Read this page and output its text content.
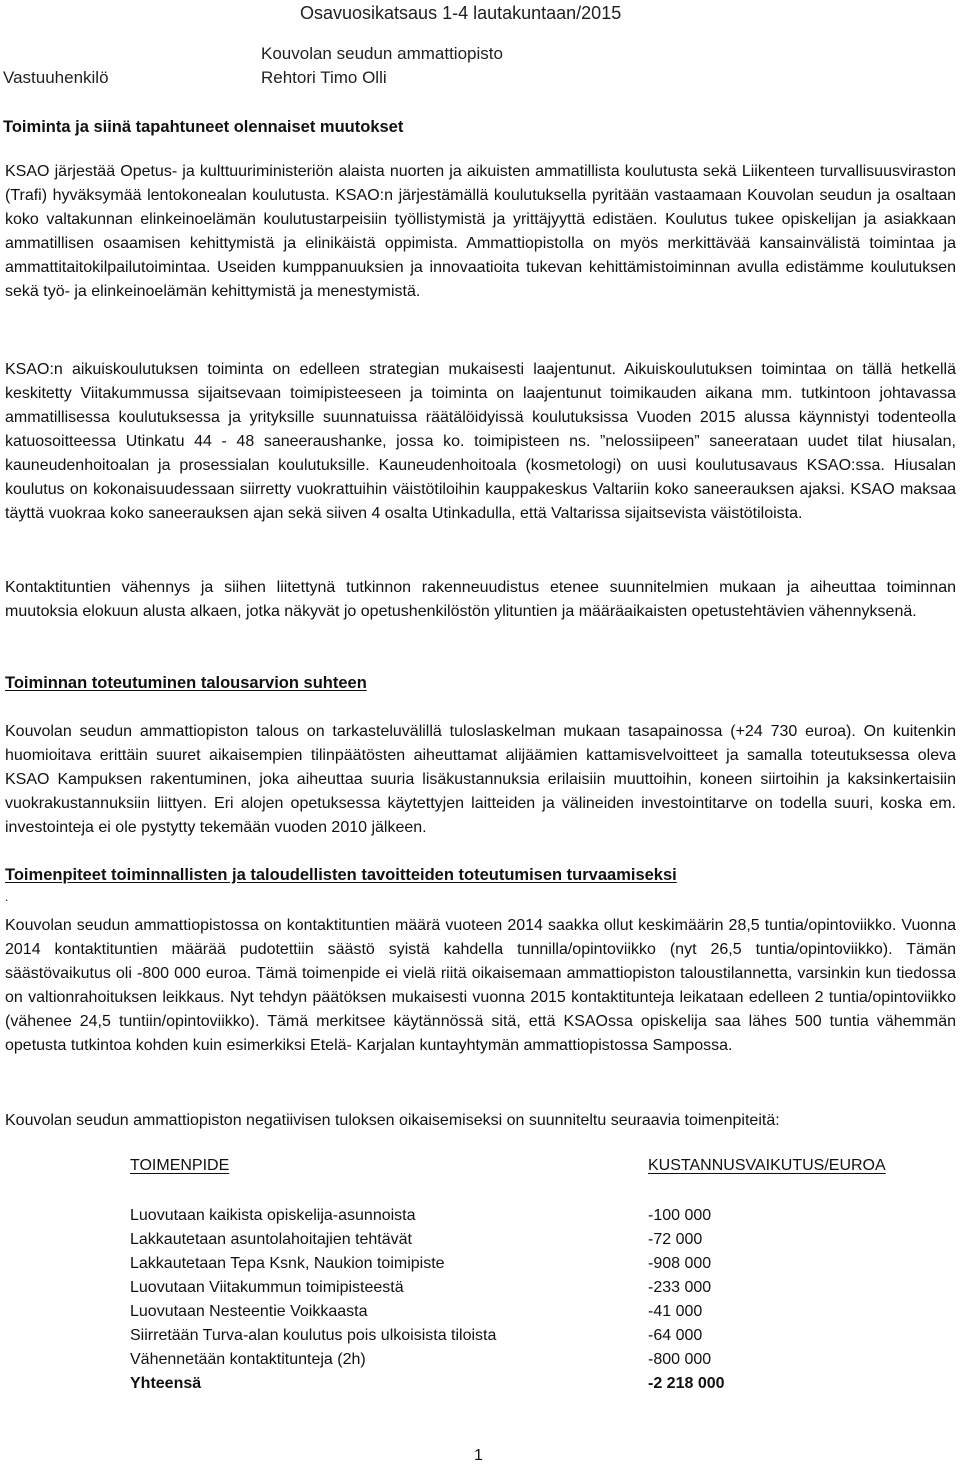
Osavuosikatsaus 1-4 lautakuntaan/2015
Kouvolan seudun ammattiopisto
Vastuuhenkilö	Rehtori Timo Olli
Toiminta ja siinä tapahtuneet olennaiset muutokset
KSAO järjestää Opetus- ja kulttuuriministeriön alaista nuorten ja aikuisten ammatillista koulutusta sekä Liikenteen turvallisuusviraston (Trafi) hyväksymää lentokonealan koulutusta. KSAO:n järjestämällä koulutuksella pyritään vastaamaan Kouvolan seudun ja osaltaan koko valtakunnan elinkeinoelämän koulutustarpeisiin työllistymistä ja yrittäjyyttä edistäen. Koulutus tukee opiskelijan ja asiakkaan ammatillisen osaamisen kehittymistä ja elinikäistä oppimista. Ammattiopistolla on myös merkittävää kansainvälistä toimintaa ja ammattitaitokilpailutoimintaa. Useiden kumppanuuksien ja innovaatioita tukevan kehittämistoiminnan avulla edistämme koulutuksen sekä työ- ja elinkeinoelämän kehittymistä ja menestymistä.
KSAO:n aikuiskoulutuksen toiminta on edelleen strategian mukaisesti laajentunut. Aikuiskoulutuksen toimintaa on tällä hetkellä keskitetty Viitakummussa sijaitsevaan toimipisteeseen ja toiminta on laajentunut toimikauden aikana mm. tutkintoon johtavassa ammatillisessa koulutuksessa ja yrityksille suunnatuissa räätälöidyissä koulutuksissa Vuoden 2015 alussa käynnistyi todenteolla katuosoitteessa Utinkatu 44 - 48 saneeraushanke, jossa ko. toimipisteen ns. ”nelossiipeen” saneerataan uudet tilat hiusalan, kauneudenhoitoalan ja prosessialan koulutuksille. Kauneudenhoitoala (kosmetologi) on uusi koulutusavaus KSAO:ssa. Hiusalan koulutus on kokonaisuudessaan siirretty vuokrattuihin väistötiloihin kauppakeskus Valtariin koko saneerauksen ajaksi. KSAO maksaa täyttä vuokraa koko saneerauksen ajan sekä siiven 4 osalta Utinkadulla, että Valtarissa sijaitsevista väistötiloista.
Kontaktituntien vähennys ja siihen liitettynä tutkinnon rakenneuudistus etenee suunnitelmien mukaan ja aiheuttaa toiminnan muutoksia elokuun alusta alkaen, jotka näkyvät jo opetushenkilöstön ylituntien ja määräaikaisten opetustehtävien vähennyksenä.
Toiminnan toteutuminen talousarvion suhteen
Kouvolan seudun ammattiopiston talous on tarkasteluvälillä tuloslaskelman mukaan tasapainossa (+24 730 euroa). On kuitenkin huomioitava erittäin suuret aikaisempien tilinpäätösten aiheuttamat alijäämien kattamisvelvoitteet ja samalla toteutuksessa oleva KSAO Kampuksen rakentuminen, joka aiheuttaa suuria lisäkustannuksia erilaisiin muuttoihin, koneen siirtoihin ja kaksinkertaisiin vuokrakustannuksiin liittyen. Eri alojen opetuksessa käytettyjen laitteiden ja välineiden investointitarve on todella suuri, koska em. investointeja ei ole pystytty tekemään vuoden 2010 jälkeen.
Toimenpiteet toiminnallisten ja taloudellisten tavoitteiden toteutumisen turvaamiseksi
.
Kouvolan seudun ammattiopistossa on kontaktituntien määrä vuoteen 2014 saakka ollut keskimäärin 28,5 tuntia/opintoviikko. Vuonna 2014 kontaktituntien määrää pudotettiin säästö syistä kahdella tunnilla/opintoviikko (nyt 26,5 tuntia/opintoviikko). Tämän säästövaikutus oli -800 000 euroa. Tämä toimenpide ei vielä riitä oikaisemaan ammattiopiston taloustilannetta, varsinkin kun tiedossa on valtionrahoituksen leikkaus. Nyt tehdyn päätöksen mukaisesti vuonna 2015 kontaktitunteja leikataan edelleen 2 tuntia/opintoviikko (vähenee 24,5 tuntiin/opintoviikko). Tämä merkitsee käytännössä sitä, että KSAOssa opiskelija saa lähes 500 tuntia vähemmän opetusta tutkintoa kohden kuin esimerkiksi Etelä- Karjalan kuntayhtymän ammattiopistossa Sampossa.
Kouvolan seudun ammattiopiston negatiivisen tuloksen oikaisemiseksi on suunniteltu seuraavia toimenpiteitä:
TOIMENPIDE	KUSTANNUSVAIKUTUS/EUROA
Luovutaan kaikista opiskelija-asunnoista	-100 000
Lakkautetaan asuntolahoitajien tehtävät	-72 000
Lakkautetaan Tepa Ksnk, Naukion toimipiste	-908 000
Luovutaan Viitakummun toimipisteestä	-233 000
Luovutaan Nesteentie Voikkaasta	-41 000
Siirretään Turva-alan koulutus pois ulkoisista tiloista	-64 000
Vähennetään kontaktitunteja (2h)	-800 000
Yhteensä	-2 218 000
1
